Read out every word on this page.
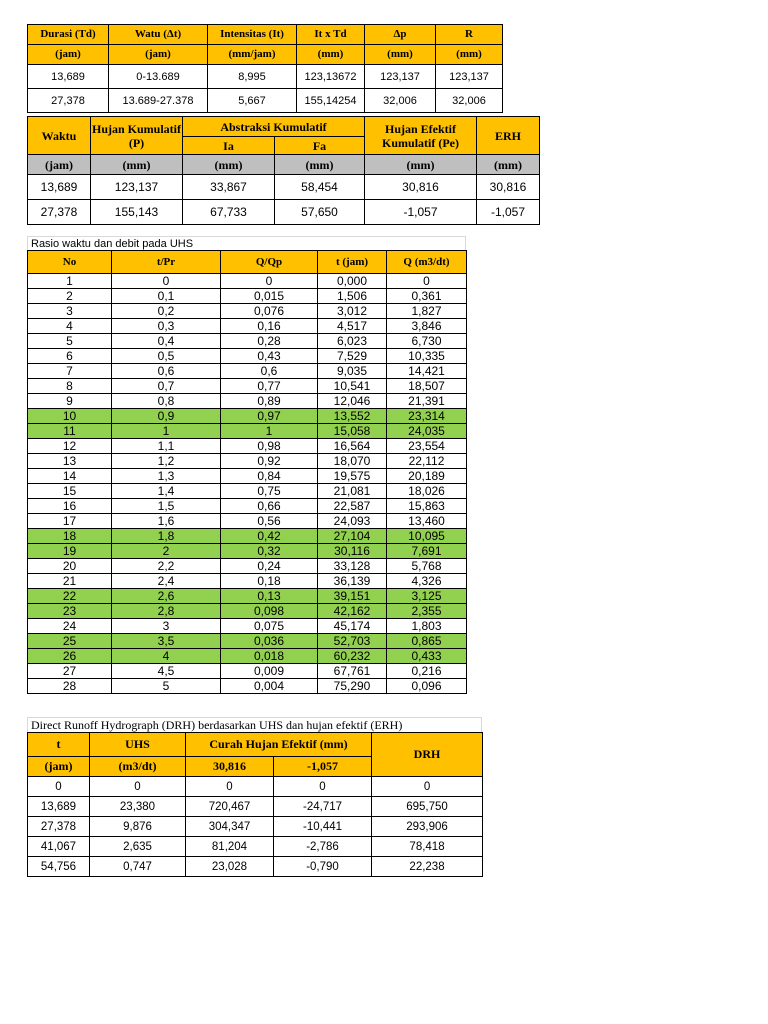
Durasi (Td)	Watu (Δt)	Intensitas (It)	It x Td	Δp	R
(jam)	(jam)	(mm/jam)	(mm)	(mm)	(mm)
13,689	0-13.689	8,995	123,13672	123,137	123,137
27,378	13.689-27.378	5,667	155,14254	32,006	32,006
Waktu	Hujan Kumulatif (P)	Abstraksi Kumulatif		Hujan Efektif Kumulatif (Pe)	ERH
		Ia	Fa		
(jam)	(mm)	(mm)	(mm)	(mm)	(mm)
13,689	123,137	33,867	58,454	30,816	30,816
27,378	155,143	67,733	57,650	-1,057	-1,057
Rasio waktu dan debit pada UHS
No	t/Pr	Q/Qp	t (jam)	Q (m3/dt)
1	0	0	0,000	0
2	0,1	0,015	1,506	0,361
3	0,2	0,076	3,012	1,827
4	0,3	0,16	4,517	3,846
5	0,4	0,28	6,023	6,730
6	0,5	0,43	7,529	10,335
7	0,6	0,6	9,035	14,421
8	0,7	0,77	10,541	18,507
9	0,8	0,89	12,046	21,391
10	0,9	0,97	13,552	23,314
11	1	1	15,058	24,035
12	1,1	0,98	16,564	23,554
13	1,2	0,92	18,070	22,112
14	1,3	0,84	19,575	20,189
15	1,4	0,75	21,081	18,026
16	1,5	0,66	22,587	15,863
17	1,6	0,56	24,093	13,460
18	1,8	0,42	27,104	10,095
19	2	0,32	30,116	7,691
20	2,2	0,24	33,128	5,768
21	2,4	0,18	36,139	4,326
22	2,6	0,13	39,151	3,125
23	2,8	0,098	42,162	2,355
24	3	0,075	45,174	1,803
25	3,5	0,036	52,703	0,865
26	4	0,018	60,232	0,433
27	4,5	0,009	67,761	0,216
28	5	0,004	75,290	0,096
Direct Runoff Hydrograph (DRH) berdasarkan UHS dan hujan efektif (ERH)
t	UHS	Curah Hujan Efektif (mm)		DRH
(jam)	(m3/dt)	30,816	-1,057	
0	0	0	0	0
13,689	23,380	720,467	-24,717	695,750
27,378	9,876	304,347	-10,441	293,906
41,067	2,635	81,204	-2,786	78,418
54,756	0,747	23,028	-0,790	22,238
